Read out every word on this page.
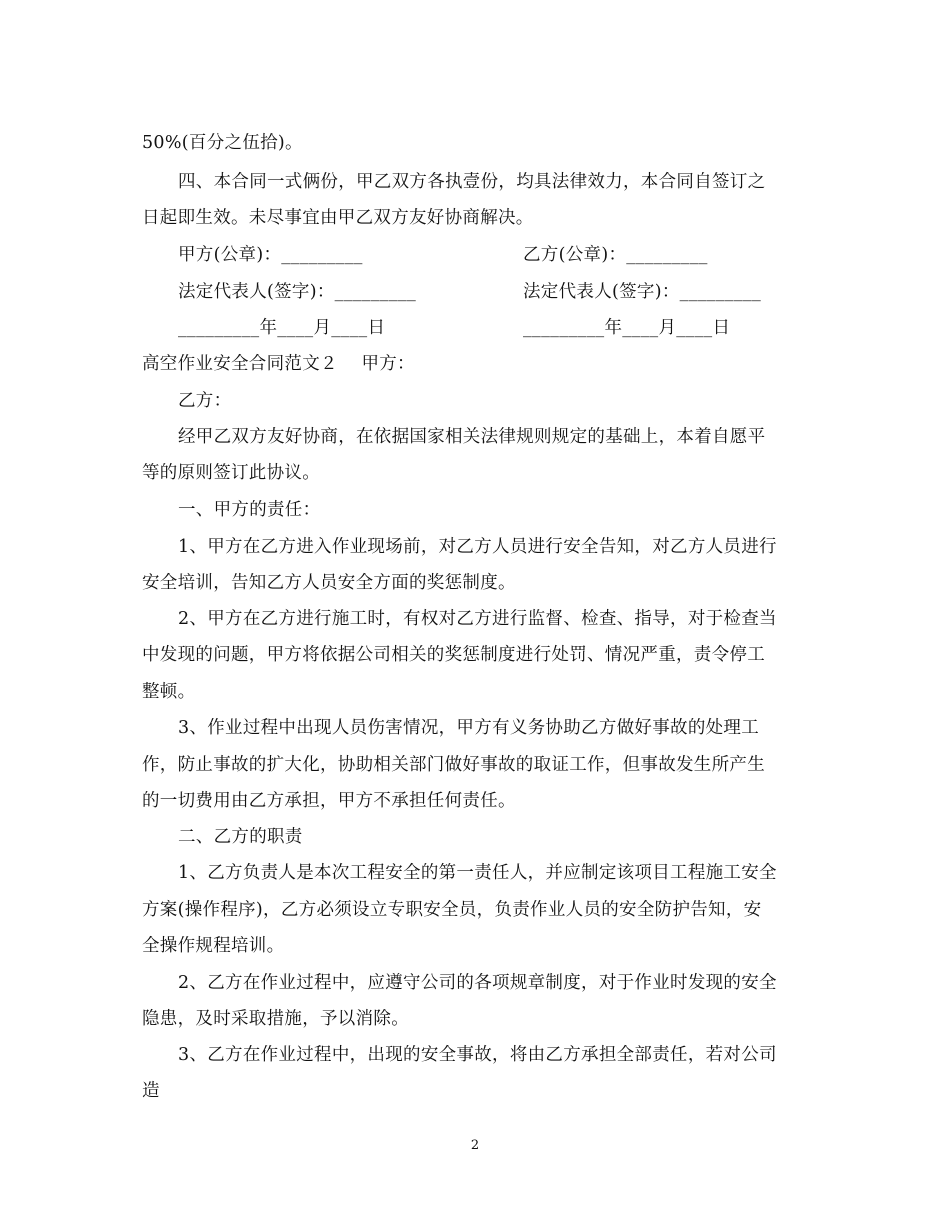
50%(百分之伍拾)。
四、本合同一式俩份，甲乙双方各执壹份，均具法律效力，本合同自签订之
日起即生效。未尽事宜由甲乙双方友好协商解决。
甲方(公章)：_________	乙方(公章)：_________
法定代表人(签字)：_________	法定代表人(签字)：_________
_________年____月____日	_________年____月____日
高空作业安全合同范文２ 　甲方：
乙方：
经甲乙双方友好协商，在依据国家相关法律规则规定的基础上，本着自愿平
等的原则签订此协议。
一、甲方的责任：
1、甲方在乙方进入作业现场前，对乙方人员进行安全告知，对乙方人员进行
安全培训，告知乙方人员安全方面的奖惩制度。
2、甲方在乙方进行施工时，有权对乙方进行监督、检查、指导，对于检查当
中发现的问题，甲方将依据公司相关的奖惩制度进行处罚、情况严重，责令停工
整顿。
3、作业过程中出现人员伤害情况，甲方有义务协助乙方做好事故的处理工
作，防止事故的扩大化，协助相关部门做好事故的取证工作，但事故发生所产生
的一切费用由乙方承担，甲方不承担任何责任。
二、乙方的职责
1、乙方负责人是本次工程安全的第一责任人，并应制定该项目工程施工安全
方案(操作程序)，乙方必须设立专职安全员，负责作业人员的安全防护告知，安
全操作规程培训。
2、乙方在作业过程中，应遵守公司的各项规章制度，对于作业时发现的安全
隐患，及时采取措施，予以消除。
3、乙方在作业过程中，出现的安全事故，将由乙方承担全部责任，若对公司
造
2
